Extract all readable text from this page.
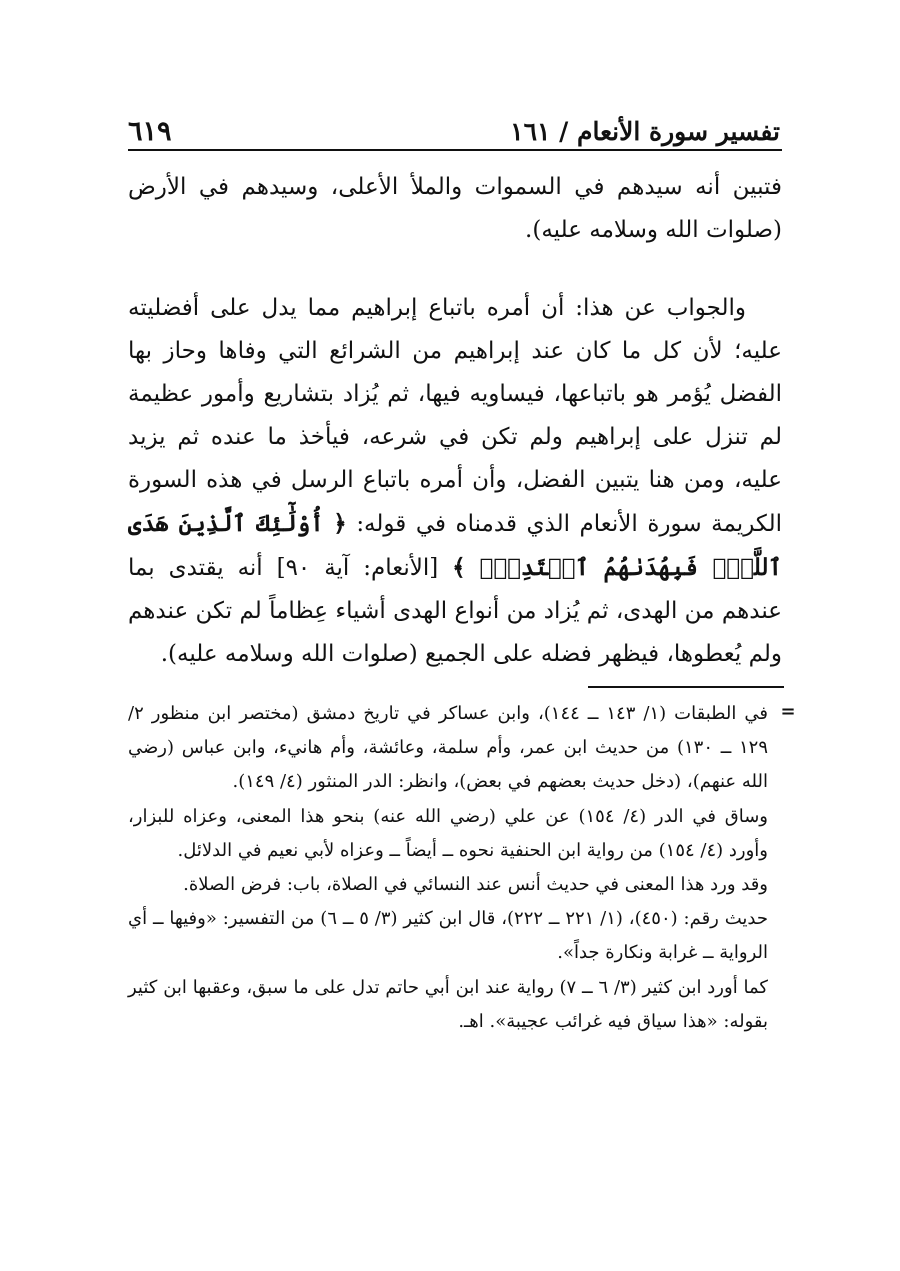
تفسير سورة الأنعام / ١٦١
٦١٩
فتبين أنه سيدهم في السموات والملأ الأعلى، وسيدهم في الأرض (صلوات الله وسلامه عليه).
والجواب عن هذا: أن أمره باتباع إبراهيم مما يدل على أفضليته عليه؛ لأن كل ما كان عند إبراهيم من الشرائع التي وفاها وحاز بها الفضل يُؤمر هو باتباعها، فيساويه فيها، ثم يُزاد بتشاريع وأمور عظيمة لم تنزل على إبراهيم ولم تكن في شرعه، فيأخذ ما عنده ثم يزيد عليه، ومن هنا يتبين الفضل، وأن أمره باتباع الرسل في هذه السورة الكريمة سورة الأنعام الذي قدمناه في قوله: ﴿ أُوْلَٰٓئِكَ ٱلَّذِينَ هَدَى ٱللَّهُۖ فَبِهُدَىٰهُمُ ٱقۡتَدِهۡۗ ﴾ [الأنعام: آية ٩٠] أنه يقتدى بما عندهم من الهدى، ثم يُزاد من أنواع الهدى أشياء عِظاماً لم تكن عندهم ولم يُعطوها، فيظهر فضله على الجميع (صلوات الله وسلامه عليه).
=

في الطبقات (١/ ١٤٣ ــ ١٤٤)، وابن عساكر في تاريخ دمشق (مختصر ابن منظور ٢/ ١٢٩ ــ ١٣٠) من حديث ابن عمر، وأم سلمة، وعائشة، وأم هانيء، وابن عباس (رضي الله عنهم)، (دخل حديث بعضهم في بعض)، وانظر: الدر المنثور (٤/ ١٤٩).

وساق في الدر (٤/ ١٥٤) عن علي (رضي الله عنه) بنحو هذا المعنى، وعزاه للبزار، وأورد (٤/ ١٥٤) من رواية ابن الحنفية نحوه ــ أيضاً ــ وعزاه لأبي نعيم في الدلائل.

وقد ورد هذا المعنى في حديث أنس عند النسائي في الصلاة، باب: فرض الصلاة.

حديث رقم: (٤٥٠)، (١/ ٢٢١ ــ ٢٢٢)، قال ابن كثير (٣/ ٥ ــ ٦) من التفسير: «وفيها ــ أي الرواية ــ غرابة ونكارة جداً».

كما أورد ابن كثير (٣/ ٦ ــ ٧) رواية عند ابن أبي حاتم تدل على ما سبق، وعقبها ابن كثير بقوله: «هذا سياق فيه غرائب عجيبة». اهـ.
